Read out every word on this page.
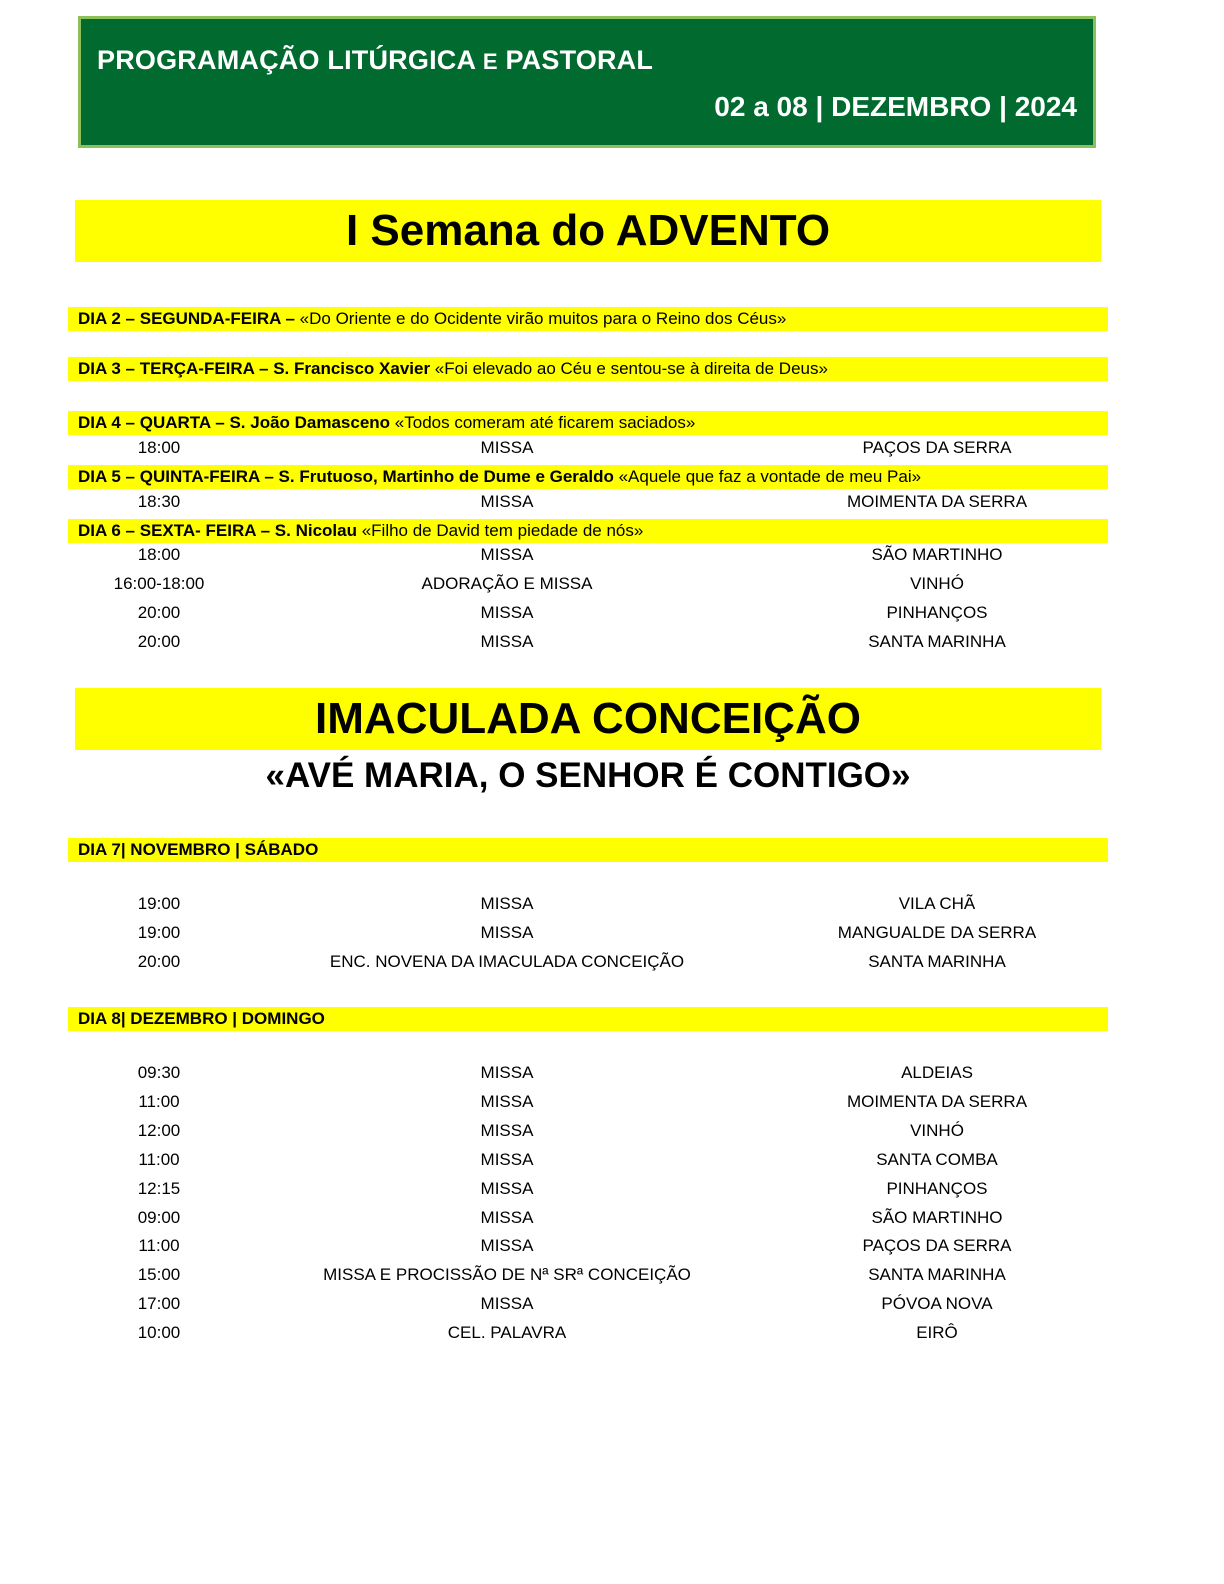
PROGRAMAÇÃO LITÚRGICA E PASTORAL
02 a 08 | DEZEMBRO | 2024
I Semana do ADVENTO
DIA 2 – SEGUNDA-FEIRA – «Do Oriente e do Ocidente virão muitos para o Reino dos Céus»
DIA 3 – TERÇA-FEIRA – S. Francisco Xavier «Foi elevado ao Céu e sentou-se à direita de Deus»
DIA 4 – QUARTA – S. João Damasceno «Todos comeram até ficarem saciados»
18:00	MISSA	PAÇOS DA SERRA
DIA 5 – QUINTA-FEIRA – S. Frutuoso, Martinho de Dume e Geraldo «Aquele que faz a vontade de meu Pai»
18:30	MISSA	MOIMENTA DA SERRA
DIA 6 – SEXTA- FEIRA – S. Nicolau «Filho de David tem piedade de nós»
18:00	MISSA	SÃO MARTINHO
16:00-18:00	ADORAÇÃO E MISSA	VINHÓ
20:00	MISSA	PINHANÇOS
20:00	MISSA	SANTA MARINHA
IMACULADA CONCEIÇÃO
«AVÉ MARIA, O SENHOR É CONTIGO»
DIA 7| NOVEMBRO | SÁBADO
19:00	MISSA	VILA CHÃ
19:00	MISSA	MANGUALDE DA SERRA
20:00	ENC. NOVENA DA IMACULADA CONCEIÇÃO	SANTA MARINHA
DIA 8| DEZEMBRO | DOMINGO
09:30	MISSA	ALDEIAS
11:00	MISSA	MOIMENTA DA SERRA
12:00	MISSA	VINHÓ
11:00	MISSA	SANTA COMBA
12:15	MISSA	PINHANÇOS
09:00	MISSA	SÃO MARTINHO
11:00	MISSA	PAÇOS DA SERRA
15:00	MISSA E PROCISSÃO DE Nª SRª CONCEIÇÃO	SANTA MARINHA
17:00	MISSA	PÓVOA NOVA
10:00	CEL. PALAVRA	EIRÔ
